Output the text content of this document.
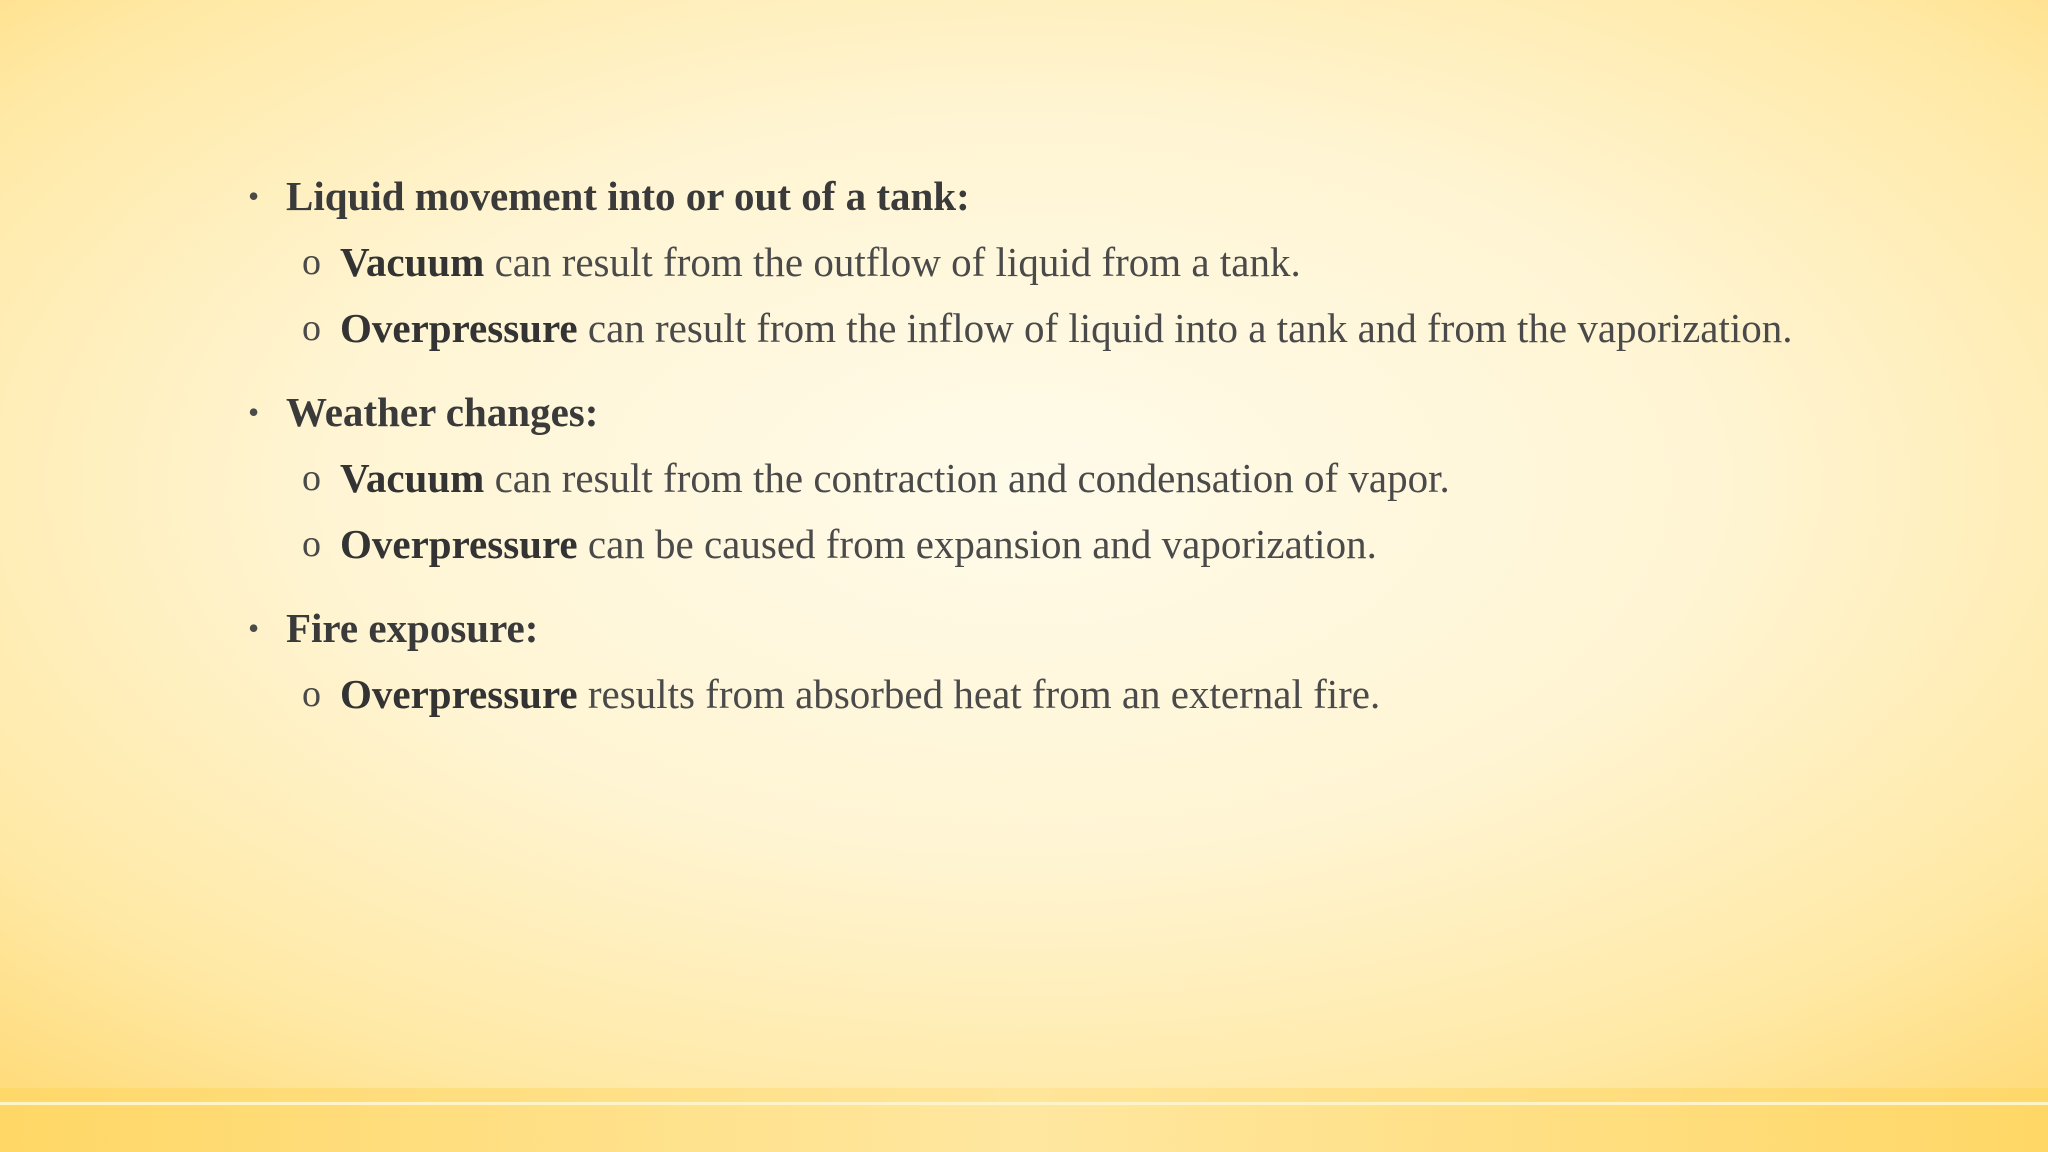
• Liquid movement into or out of a tank:
o Vacuum can result from the outflow of liquid from a tank.
o Overpressure can result from the inflow of liquid into a tank and from the vaporization.
• Weather changes:
o Vacuum can result from the contraction and condensation of vapor.
o Overpressure can be caused from expansion and vaporization.
• Fire exposure:
o Overpressure results from absorbed heat from an external fire.
